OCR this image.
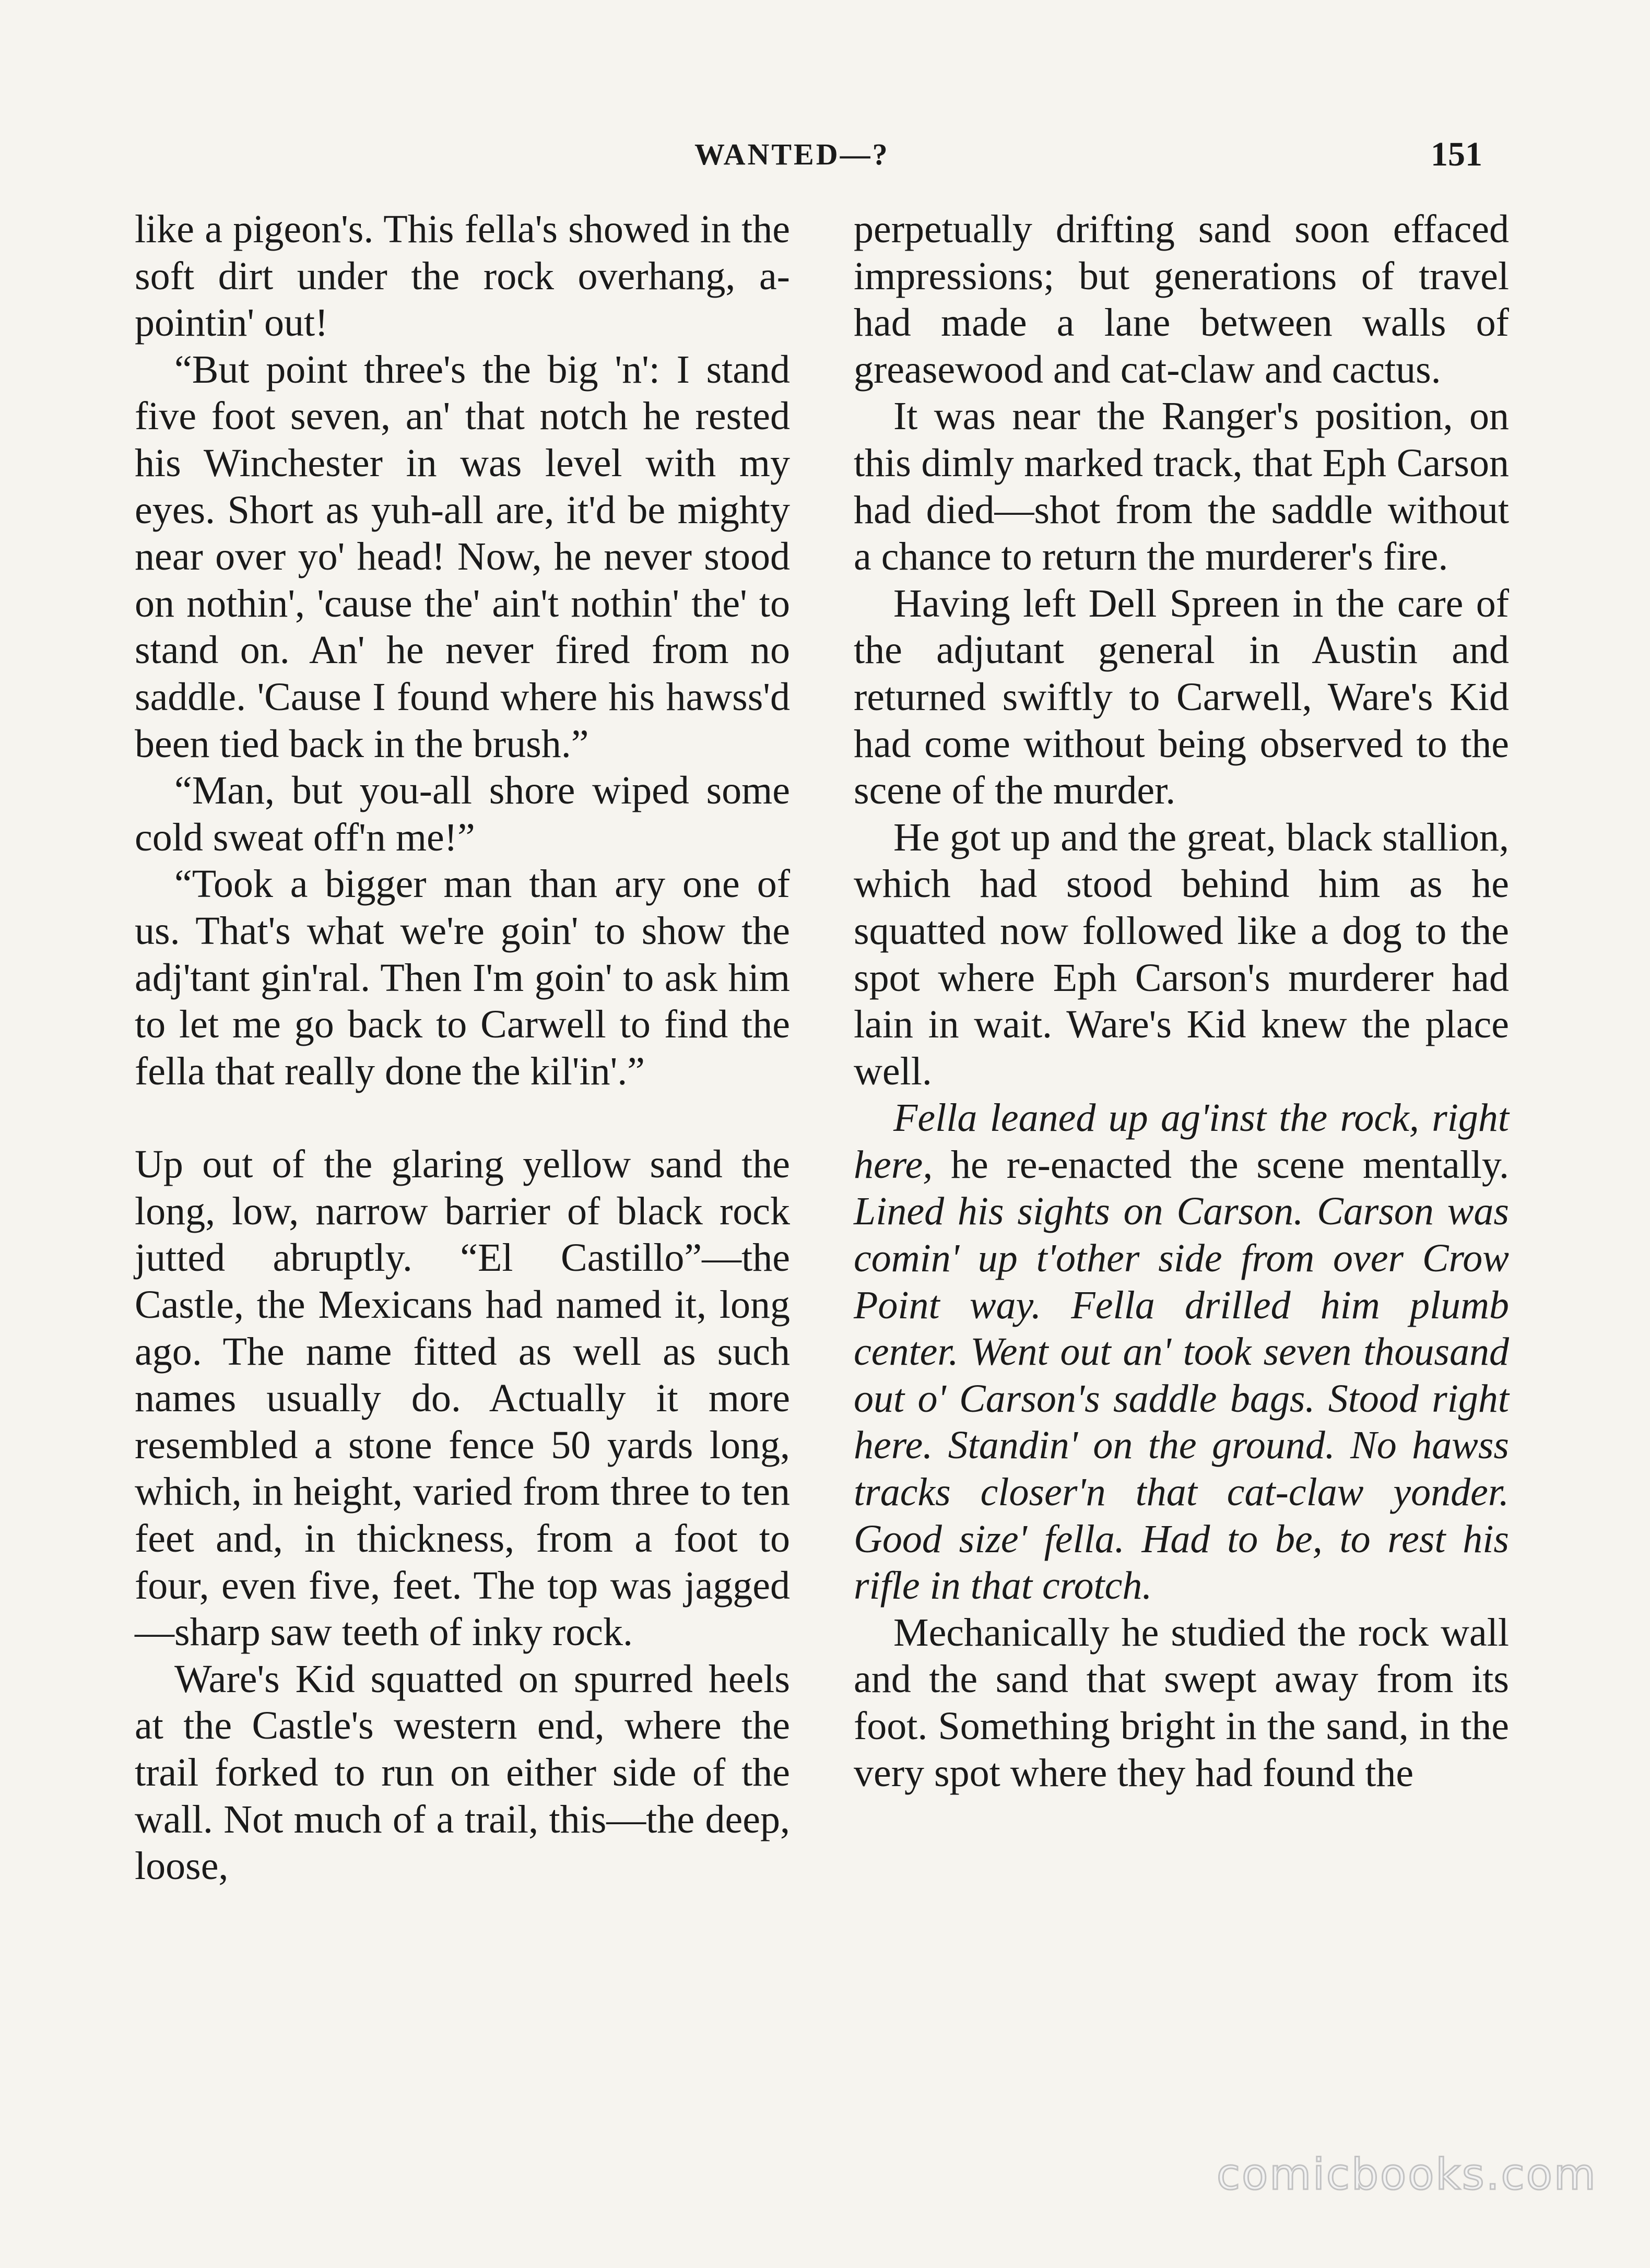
WANTED—?	151

like a pigeon's. This fella's showed in the soft dirt under the rock overhang, a-pointin' out!

“But point three's the big 'n': I stand five foot seven, an' that notch he rested his Winchester in was level with my eyes. Short as yuh-all are, it'd be mighty near over yo' head! Now, he never stood on nothin', 'cause the' ain't nothin' the' to stand on. An' he never fired from no saddle. 'Cause I found where his hawss'd been tied back in the brush.”

“Man, but you-all shore wiped some cold sweat off'n me!”

“Took a bigger man than ary one of us. That's what we're goin' to show the adj'tant gin'ral. Then I'm goin' to ask him to let me go back to Carwell to find the fella that really done the kil'in'.”

Up out of the glaring yellow sand the long, low, narrow barrier of black rock jutted abruptly. “El Castillo”—the Castle, the Mexicans had named it, long ago. The name fitted as well as such names usually do. Actually it more resembled a stone fence 50 yards long, which, in height, varied from three to ten feet and, in thickness, from a foot to four, even five, feet. The top was jagged—sharp saw teeth of inky rock.

Ware's Kid squatted on spurred heels at the Castle's western end, where the trail forked to run on either side of the wall. Not much of a trail, this—the deep, loose,

perpetually drifting sand soon effaced impressions; but generations of travel had made a lane between walls of greasewood and cat-claw and cactus.

It was near the Ranger's position, on this dimly marked track, that Eph Carson had died—shot from the saddle without a chance to return the murderer's fire.

Having left Dell Spreen in the care of the adjutant general in Austin and returned swiftly to Carwell, Ware's Kid had come without being observed to the scene of the murder.

He got up and the great, black stallion, which had stood behind him as he squatted now followed like a dog to the spot where Eph Carson's murderer had lain in wait. Ware's Kid knew the place well.

Fella leaned up ag'inst the rock, right here, he re-enacted the scene mentally. Lined his sights on Carson. Carson was comin' up t'other side from over Crow Point way. Fella drilled him plumb center. Went out an' took seven thousand out o' Carson's saddle bags. Stood right here. Standin' on the ground. No hawss tracks closer'n that cat-claw yonder. Good size' fella. Had to be, to rest his rifle in that crotch.

Mechanically he studied the rock wall and the sand that swept away from its foot. Something bright in the sand, in the very spot where they had found the

comicbooks.com
